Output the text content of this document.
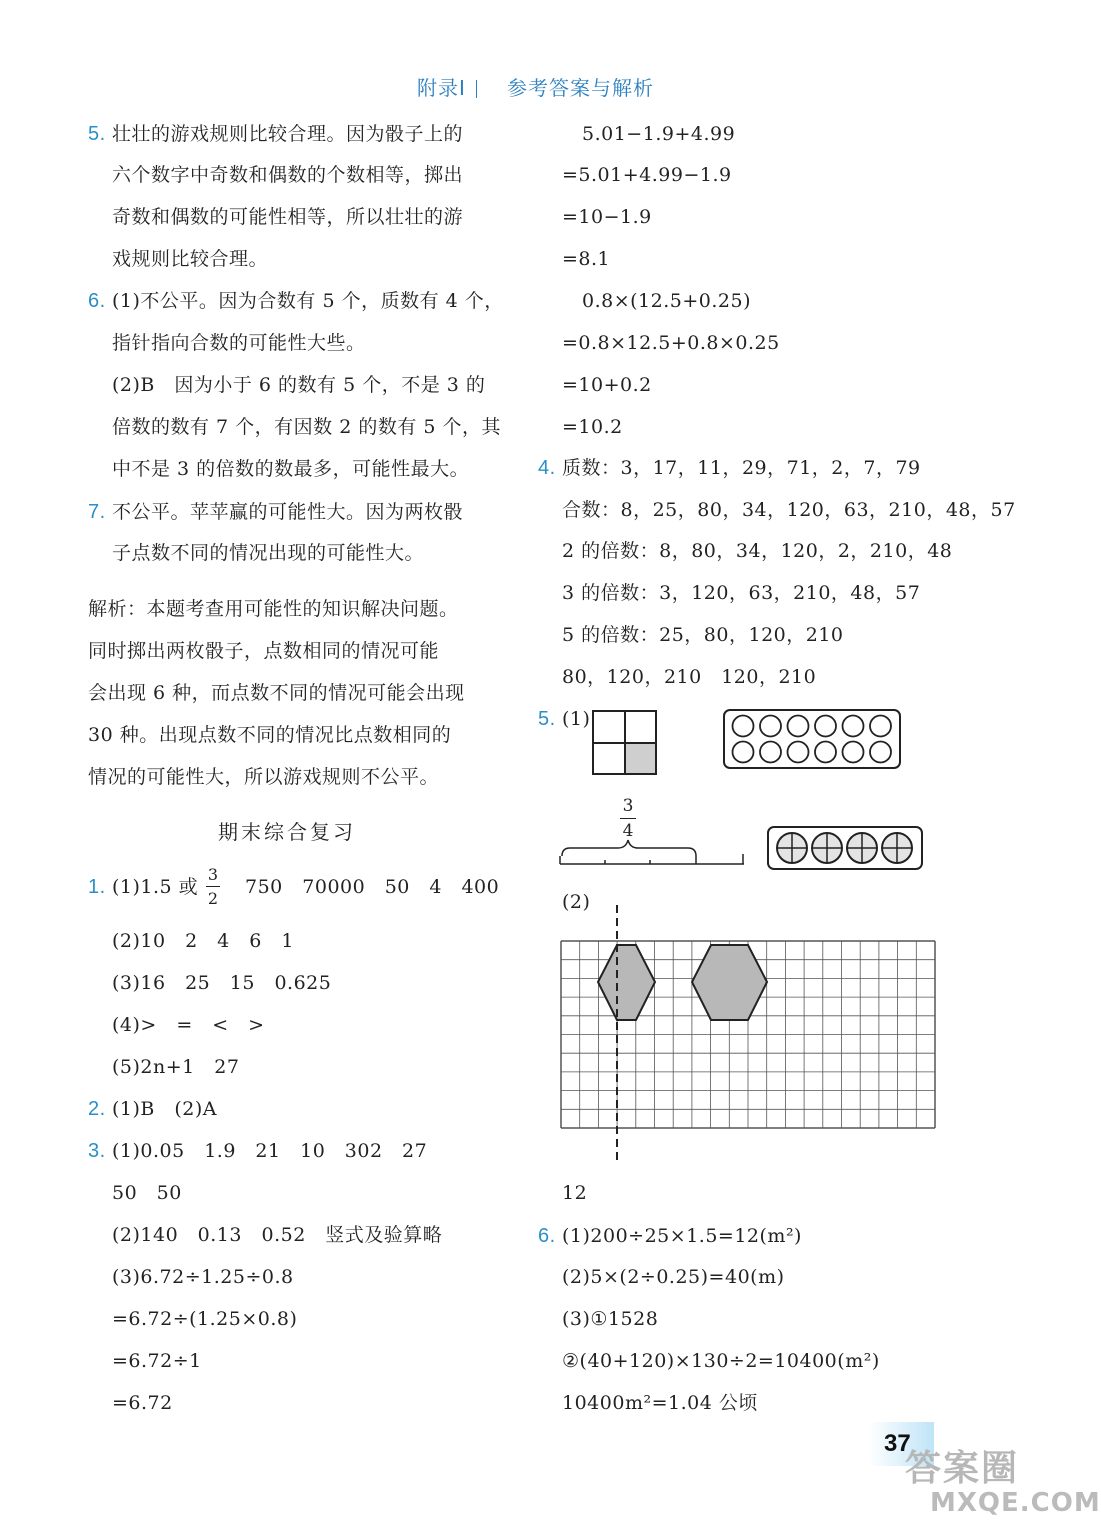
附录Ⅰ 参考答案与解析
5. 壮壮的游戏规则比较合理。因为骰子上的
六个数字中奇数和偶数的个数相等，掷出
奇数和偶数的可能性相等，所以壮壮的游
戏规则比较合理。
6. (1)不公平。因为合数有 5 个，质数有 4 个，
指针指向合数的可能性大些。
(2)B　因为小于 6 的数有 5 个，不是 3 的
倍数的数有 7 个，有因数 2 的数有 5 个，其
中不是 3 的倍数的数最多，可能性最大。
7. 不公平。苹苹赢的可能性大。因为两枚骰
子点数不同的情况出现的可能性大。
解析：本题考查用可能性的知识解决问题。
同时掷出两枚骰子，点数相同的情况可能
会出现 6 种，而点数不同的情况可能会出现
30 种。出现点数不同的情况比点数相同的
情况的可能性大，所以游戏规则不公平。
期末综合复习
1. (1)1.5 或
3
2
750　70000　50　4　400
(2)10　2　4　6　1
(3)16　25　15　0.625
(4)>　=　<　>
(5)2n+1　27
2. (1)B　(2)A
3. (1)0.05　1.9　21　10　302　27
50　50
(2)140　0.13　0.52　竖式及验算略
(3)6.72÷1.25÷0.8
=6.72÷(1.25×0.8)
=6.72÷1
=6.72
5.01−1.9+4.99
=5.01+4.99−1.9
=10−1.9
=8.1
0.8×(12.5+0.25)
=0.8×12.5+0.8×0.25
=10+0.2
=10.2
4. 质数：3，17，11，29，71，2，7，79
合数：8，25，80，34，120，63，210，48，57
2 的倍数：8，80，34，120，2，210，48
3 的倍数：3，120，63，210，48，57
5 的倍数：25，80，120，210
80，120，210　120，210
5. (1)
3
4
(2)
12
6. (1)200÷25×1.5=12(m²)
(2)5×(2÷0.25)=40(m)
(3)①1528
②(40+120)×130÷2=10400(m²)
10400m²=1.04 公顷
37
答案圈
MXQE.COM
